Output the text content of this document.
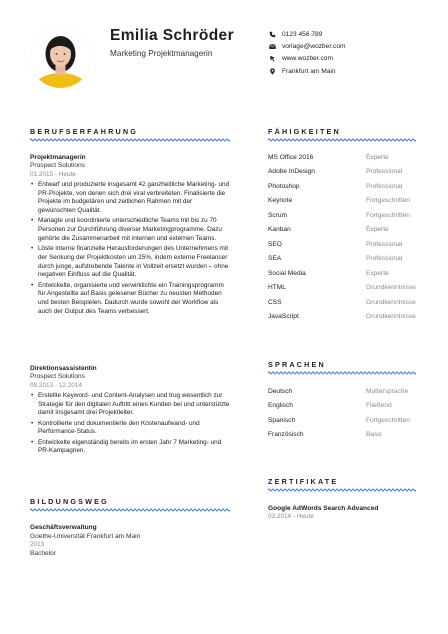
Emilia Schröder
Marketing Projektmanagerin
0123 456 789
vorlage@wozber.com
www.wozber.com
Frankfurt am Main
BERUFSERFAHRUNG
Projektmanagerin
Prospect Solutions
01.2015 - Heute
• Entwarf und produzierte insgesamt 42 ganzheitliche Marketing- und PR-Projekte, von denen sich drei viral verbreiteten. Finalisierte die Projekte im budgetären und zeitlichen Rahmen mit der gewünschten Qualität.
• Managte und koordinierte unterschiedliche Teams mit bis zu 70 Personen zur Durchführung diverser Marketingprogramme. Dazu gehörte die Zusammenarbeit mit internen und externen Teams.
• Löste interne finanzielle Herausforderungen des Unternehmens mit der Senkung der Projektkosten um 25%, indem externe Freelancer durch junge, aufstrebende Talente in Vollzeit ersetzt wurden – ohne negativen Einfluss auf die Qualität.
• Entwickelte, organisierte und verwirklichte ein Trainingsprogramm für Angestellte auf Basis gelesener Bücher zu neusten Methoden und besten Beispielen. Dadurch wurde sowohl der Workflow als auch der Output des Teams verbessert.
Direktionsassistentin
Prospect Solutions
09.2013 - 12.2014
• Erstellte Keyword- und Content-Analysen und trug wesentlich zur Strategie für den digitalen Auftritt eines Kunden bei und unterstützte damit insgesamt drei Projektleiter.
• Kontrollierte und dokumentierte den Kostenaufwand- und Performance-Status.
• Entwickelte eigenständig bereits im ersten Jahr 7 Marketing- und PR-Kampagnen.
BILDUNGSWEG
Geschäftsverwaltung
Goethe-Universität Frankfurt am Main
2013
Bachelor
FÄHIGKEITEN
MS Office 2016	Experte
Adobe InDesign	Professional
Photoshop	Professional
Keynote	Fortgeschritten
Scrum	Fortgeschritten
Kanban	Experte
SEO	Professional
SEA	Professional
Social Media	Experte
HTML	Grundkenntnisse
CSS	Grundkenntnisse
JavaScript	Grundkenntnisse
SPRACHEN
Deutsch	Muttersprache
Englisch	Fließend
Spanisch	Fortgeschritten
Französisch	Basic
ZERTIFIKATE
Google AdWords Search Advanced
03.2014 - Heute
